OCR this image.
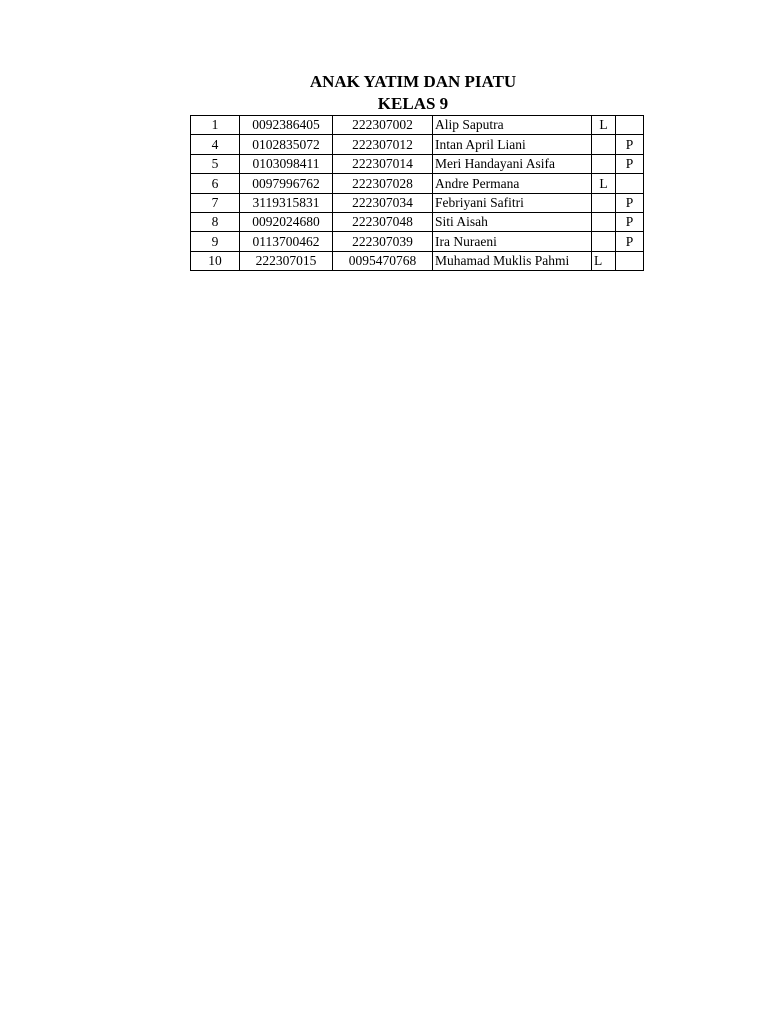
ANAK YATIM DAN PIATU
KELAS 9
1	0092386405	222307002	Alip Saputra	L	
4	0102835072	222307012	Intan April Liani		P
5	0103098411	222307014	Meri Handayani Asifa		P
6	0097996762	222307028	Andre Permana	L	
7	3119315831	222307034	Febriyani Safitri		P
8	0092024680	222307048	Siti Aisah		P
9	0113700462	222307039	Ira Nuraeni		P
10	222307015	0095470768	Muhamad Muklis Pahmi	L	
